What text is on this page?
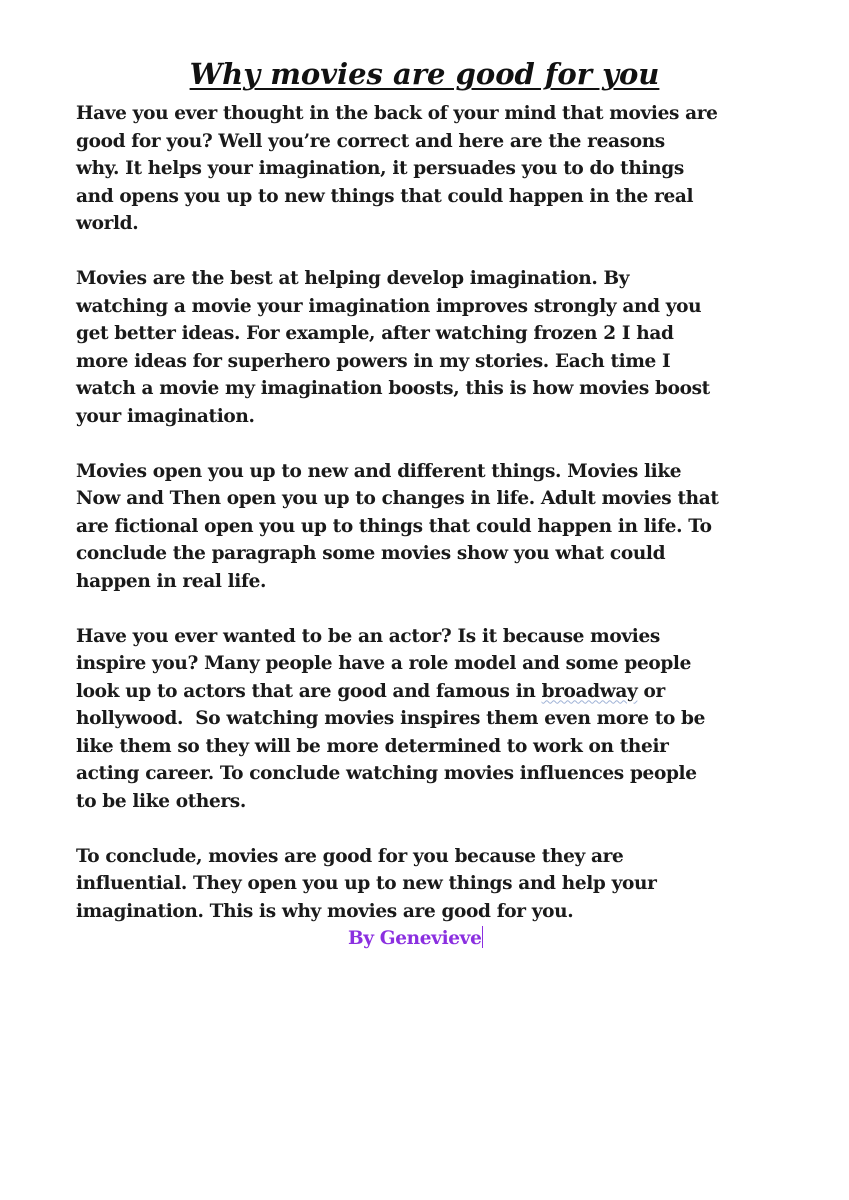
Why movies are good for you

Have you ever thought in the back of your mind that movies are
good for you? Well you’re correct and here are the reasons
why. It helps your imagination, it persuades you to do things
and opens you up to new things that could happen in the real
world.

Movies are the best at helping develop imagination. By
watching a movie your imagination improves strongly and you
get better ideas. For example, after watching frozen 2 I had
more ideas for superhero powers in my stories. Each time I
watch a movie my imagination boosts, this is how movies boost
your imagination.

Movies open you up to new and different things. Movies like
Now and Then open you up to changes in life. Adult movies that
are fictional open you up to things that could happen in life. To
conclude the paragraph some movies show you what could
happen in real life.

Have you ever wanted to be an actor? Is it because movies
inspire you? Many people have a role model and some people
look up to actors that are good and famous in broadway or
hollywood.  So watching movies inspires them even more to be
like them so they will be more determined to work on their
acting career. To conclude watching movies influences people
to be like others.

To conclude, movies are good for you because they are
influential. They open you up to new things and help your
imagination. This is why movies are good for you.
By Genevieve
